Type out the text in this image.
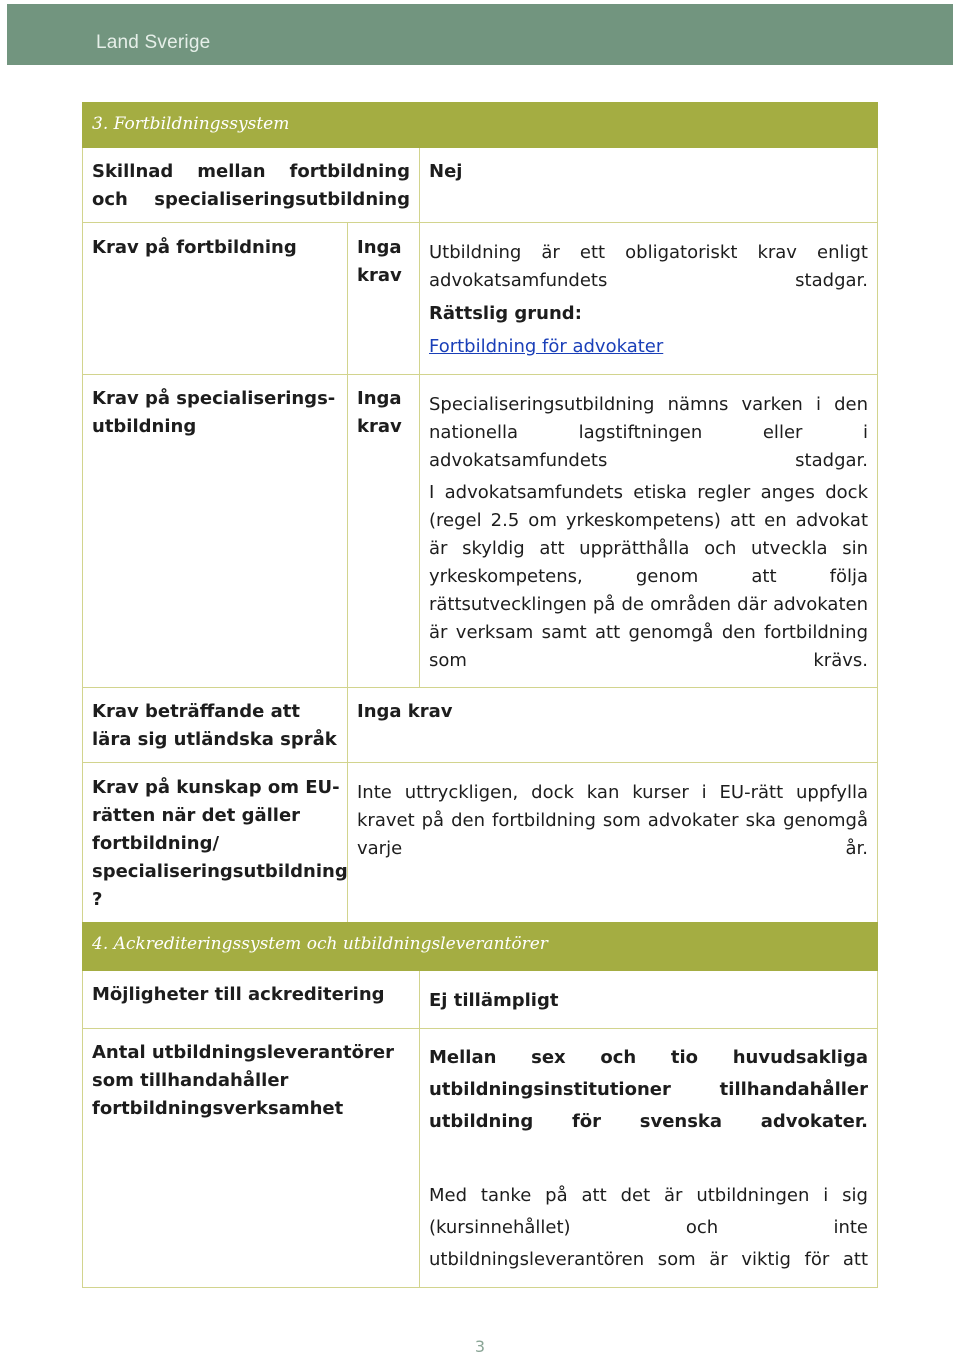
Land Sverige
3. Fortbildningssystem
4. Ackrediteringssystem och utbildningsleverantörer
Skillnad mellan fortbildning och specialiseringsutbildning
Nej
Krav på fortbildning	Inga krav
Utbildning är ett obligatoriskt krav enligt advokatsamfundets stadgar.
Rättslig grund:
Fortbildning för advokater
Krav på specialiserings-utbildning
Inga krav
Specialiseringsutbildning nämns varken i den nationella lagstiftningen eller i advokatsamfundets stadgar.
I advokatsamfundets etiska regler anges dock (regel 2.5 om yrkeskompetens) att en advokat är skyldig att upprätthålla och utveckla sin yrkeskompetens, genom att följa rättsutvecklingen på de områden där advokaten är verksam samt att genomgå den fortbildning som krävs.
Krav beträffande att lära sig utländska språk
Inga krav
Krav på kunskap om EU-rätten när det gäller fortbildning/ specialiseringsutbildning ?
Inte uttryckligen, dock kan kurser i EU-rätt uppfylla kravet på den fortbildning som advokater ska genomgå varje år.
Möjligheter till ackreditering	Ej tillämpligt
Antal utbildningsleverantörer som tillhandahåller fortbildningsverksamhet
Mellan sex och tio huvudsakliga utbildningsinstitutioner tillhandahåller utbildning för svenska advokater.
Med tanke på att det är utbildningen i sig (kursinnehållet) och inte utbildningsleverantören som är viktig för att
3
